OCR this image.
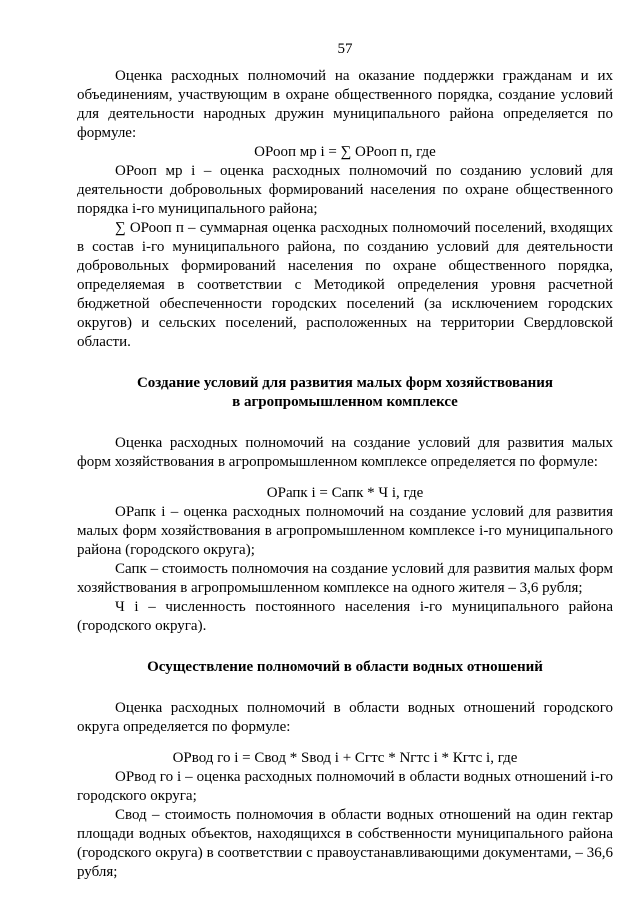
57

Оценка расходных полномочий на оказание поддержки гражданам и их объединениям, участвующим в охране общественного порядка, создание условий для деятельности народных дружин муниципального района определяется по формуле:

ОРооп мр i = ∑ ОРооп п, где

ОРооп мр i – оценка расходных полномочий по созданию условий для деятельности добровольных формирований населения по охране общественного порядка i-го муниципального района;

∑ ОРооп п – суммарная оценка расходных полномочий поселений, входящих в состав i-го муниципального района, по созданию условий для деятельности добровольных формирований населения по охране общественного порядка, определяемая в соответствии с Методикой определения уровня расчетной бюджетной обеспеченности городских поселений (за исключением городских округов) и сельских поселений, расположенных на территории Свердловской области.

Создание условий для развития малых форм хозяйствования
в агропромышленном комплексе

Оценка расходных полномочий на создание условий для развития малых форм хозяйствования в агропромышленном комплексе определяется по формуле:

ОРапк i = Сапк * Ч i, где

ОРапк i – оценка расходных полномочий на создание условий для развития малых форм хозяйствования в агропромышленном комплексе i-го муниципального района (городского округа);

Сапк – стоимость полномочия на создание условий для развития малых форм хозяйствования в агропромышленном комплексе на одного жителя – 3,6 рубля;

Ч i – численность постоянного населения i-го муниципального района (городского округа).

Осуществление полномочий в области водных отношений

Оценка расходных полномочий в области водных отношений городского округа определяется по формуле:

ОРвод го i = Свод * Sвод i + Сгтс * Nгтс i * Кгтс i, где

ОРвод го i – оценка расходных полномочий в области водных отношений i-го городского округа;

Свод – стоимость полномочия в области водных отношений на один гектар площади водных объектов, находящихся в собственности муниципального района (городского округа) в соответствии с правоустанавливающими документами, – 36,6 рубля;
